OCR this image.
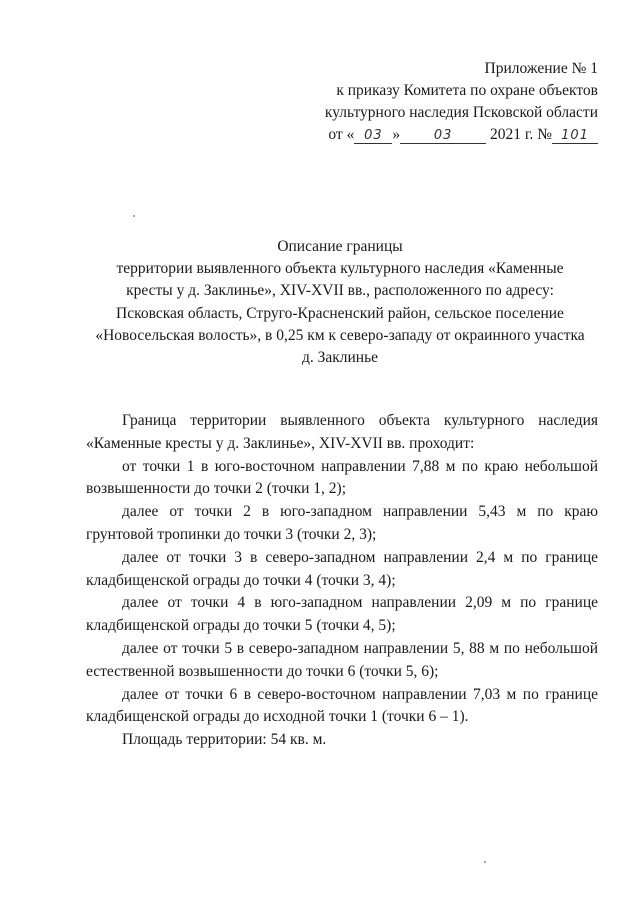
Приложение № 1
к приказу Комитета по охране объектов
культурного наследия Псковской области
от « 03 »	03 2021 г. № 101
Описание границы
территории выявленного объекта культурного наследия «Каменные
кресты у д. Заклинье», XIV-XVII вв., расположенного по адресу:
Псковская область, Струго-Красненский район, сельское поселение
«Новосельская волость», в 0,25 км к северо-западу от окраинного участка
д. Заклинье

Граница территории выявленного объекта культурного наследия «Каменные кресты у д. Заклинье», XIV-XVII вв. проходит:

от точки 1 в юго-восточном направлении 7,88 м по краю небольшой возвышенности до точки 2 (точки 1, 2);

далее от точки 2 в юго-западном направлении 5,43 м по краю грунтовой тропинки до точки 3 (точки 2, 3);

далее от точки 3 в северо-западном направлении 2,4 м по границе кладбищенской ограды до точки 4 (точки 3, 4);

далее от точки 4 в юго-западном направлении 2,09 м по границе кладбищенской ограды до точки 5 (точки 4, 5);

далее от точки 5 в северо-западном направлении 5, 88 м по небольшой естественной возвышенности до точки 6 (точки 5, 6);

далее от точки 6 в северо-восточном направлении 7,03 м по границе кладбищенской ограды до исходной точки 1 (точки 6 – 1).

Площадь территории: 54 кв. м.
